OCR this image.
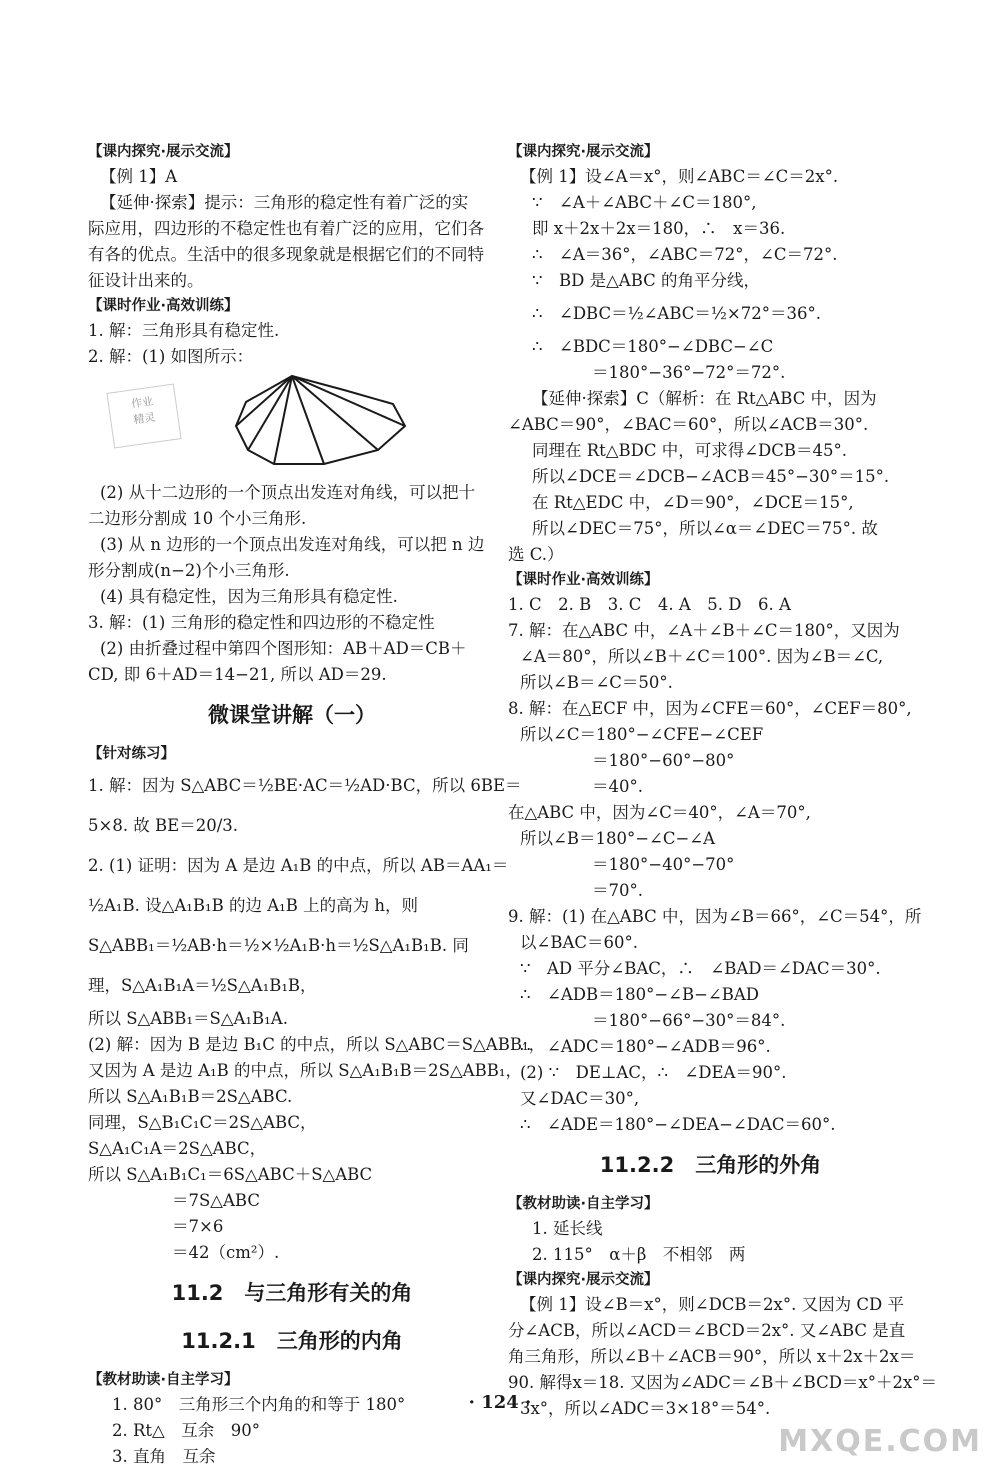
【课内探究·展示交流】
【例 1】A
【延伸·探索】提示：三角形的稳定性有着广泛的实
际应用，四边形的不稳定性也有着广泛的应用，它们各
有各的优点。生活中的很多现象就是根据它们的不同特
征设计出来的。
【课时作业·高效训练】
1. 解：三角形具有稳定性.
2. 解：(1) 如图所示：
作业
精灵
(2) 从十二边形的一个顶点出发连对角线，可以把十
二边形分割成 10 个小三角形.
(3) 从 n 边形的一个顶点出发连对角线，可以把 n 边
形分割成(n−2)个小三角形.
(4) 具有稳定性，因为三角形具有稳定性.
3. 解：(1) 三角形的稳定性和四边形的不稳定性
(2) 由折叠过程中第四个图形知：AB＋AD＝CB＋
CD, 即 6＋AD＝14−21, 所以 AD＝29.
微课堂讲解（一）
【针对练习】
1. 解：因为 S△ABC＝½BE·AC＝½AD·BC，所以 6BE＝
5×8. 故 BE＝20/3.
2. (1) 证明：因为 A 是边 A₁B 的中点，所以 AB＝AA₁＝
½A₁B. 设△A₁B₁B 的边 A₁B 上的高为 h，则
S△ABB₁＝½AB·h＝½×½A₁B·h＝½S△A₁B₁B. 同
理，S△A₁B₁A＝½S△A₁B₁B，
所以 S△ABB₁＝S△A₁B₁A.
(2) 解：因为 B 是边 B₁C 的中点，所以 S△ABC＝S△ABB₁，
又因为 A 是边 A₁B 的中点，所以 S△A₁B₁B＝2S△ABB₁，
所以 S△A₁B₁B＝2S△ABC.
同理，S△B₁C₁C＝2S△ABC，
S△A₁C₁A＝2S△ABC，
所以 S△A₁B₁C₁＝6S△ABC＋S△ABC
＝7S△ABC
＝7×6
＝42（cm²）.
11.2　与三角形有关的角
11.2.1　三角形的内角
【教材助读·自主学习】
1. 80°　三角形三个内角的和等于 180°
2. Rt△　互余　90°
3. 直角　互余
【课内探究·展示交流】
【例 1】设∠A＝x°，则∠ABC＝∠C＝2x°.
∵　∠A＋∠ABC＋∠C＝180°,
即 x＋2x＋2x＝180，∴　x＝36.
∴　∠A＝36°，∠ABC＝72°，∠C＝72°.
∵　BD 是△ABC 的角平分线，
∴　∠DBC＝½∠ABC＝½×72°＝36°.
∴　∠BDC＝180°−∠DBC−∠C
＝180°−36°−72°＝72°.
【延伸·探索】C（解析：在 Rt△ABC 中，因为
∠ABC＝90°，∠BAC＝60°，所以∠ACB＝30°.
同理在 Rt△BDC 中，可求得∠DCB＝45°.
所以∠DCE＝∠DCB−∠ACB＝45°−30°＝15°.
在 Rt△EDC 中，∠D＝90°，∠DCE＝15°,
所以∠DEC＝75°，所以∠α＝∠DEC＝75°. 故
选 C.）
【课时作业·高效训练】
1. C　2. B　3. C　4. A　5. D　6. A
7. 解：在△ABC 中，∠A＋∠B＋∠C＝180°，又因为
∠A＝80°，所以∠B＋∠C＝100°. 因为∠B＝∠C,
所以∠B＝∠C＝50°.
8. 解：在△ECF 中，因为∠CFE＝60°，∠CEF＝80°,
所以∠C＝180°−∠CFE−∠CEF
＝180°−60°−80°
＝40°.
在△ABC 中，因为∠C＝40°，∠A＝70°,
所以∠B＝180°−∠C−∠A
＝180°−40°−70°
＝70°.
9. 解：(1) 在△ABC 中，因为∠B＝66°，∠C＝54°，所
以∠BAC＝60°.
∵　AD 平分∠BAC，∴　∠BAD＝∠DAC＝30°.
∴　∠ADB＝180°−∠B−∠BAD
＝180°−66°−30°＝84°.
∴　∠ADC＝180°−∠ADB＝96°.
(2) ∵　DE⊥AC，∴　∠DEA＝90°.
又∠DAC＝30°,
∴　∠ADE＝180°−∠DEA−∠DAC＝60°.
11.2.2　三角形的外角
【教材助读·自主学习】
1. 延长线
2. 115°　α＋β　不相邻　两
【课内探究·展示交流】
【例 1】设∠B＝x°，则∠DCB＝2x°. 又因为 CD 平
分∠ACB，所以∠ACD＝∠BCD＝2x°. 又∠ABC 是直
角三角形，所以∠B＋∠ACB＝90°，所以 x＋2x＋2x＝
90. 解得x＝18. 又因为∠ADC＝∠B＋∠BCD＝x°＋2x°＝
3x°，所以∠ADC＝3×18°＝54°.
· 124 ·
MXQE.COM
